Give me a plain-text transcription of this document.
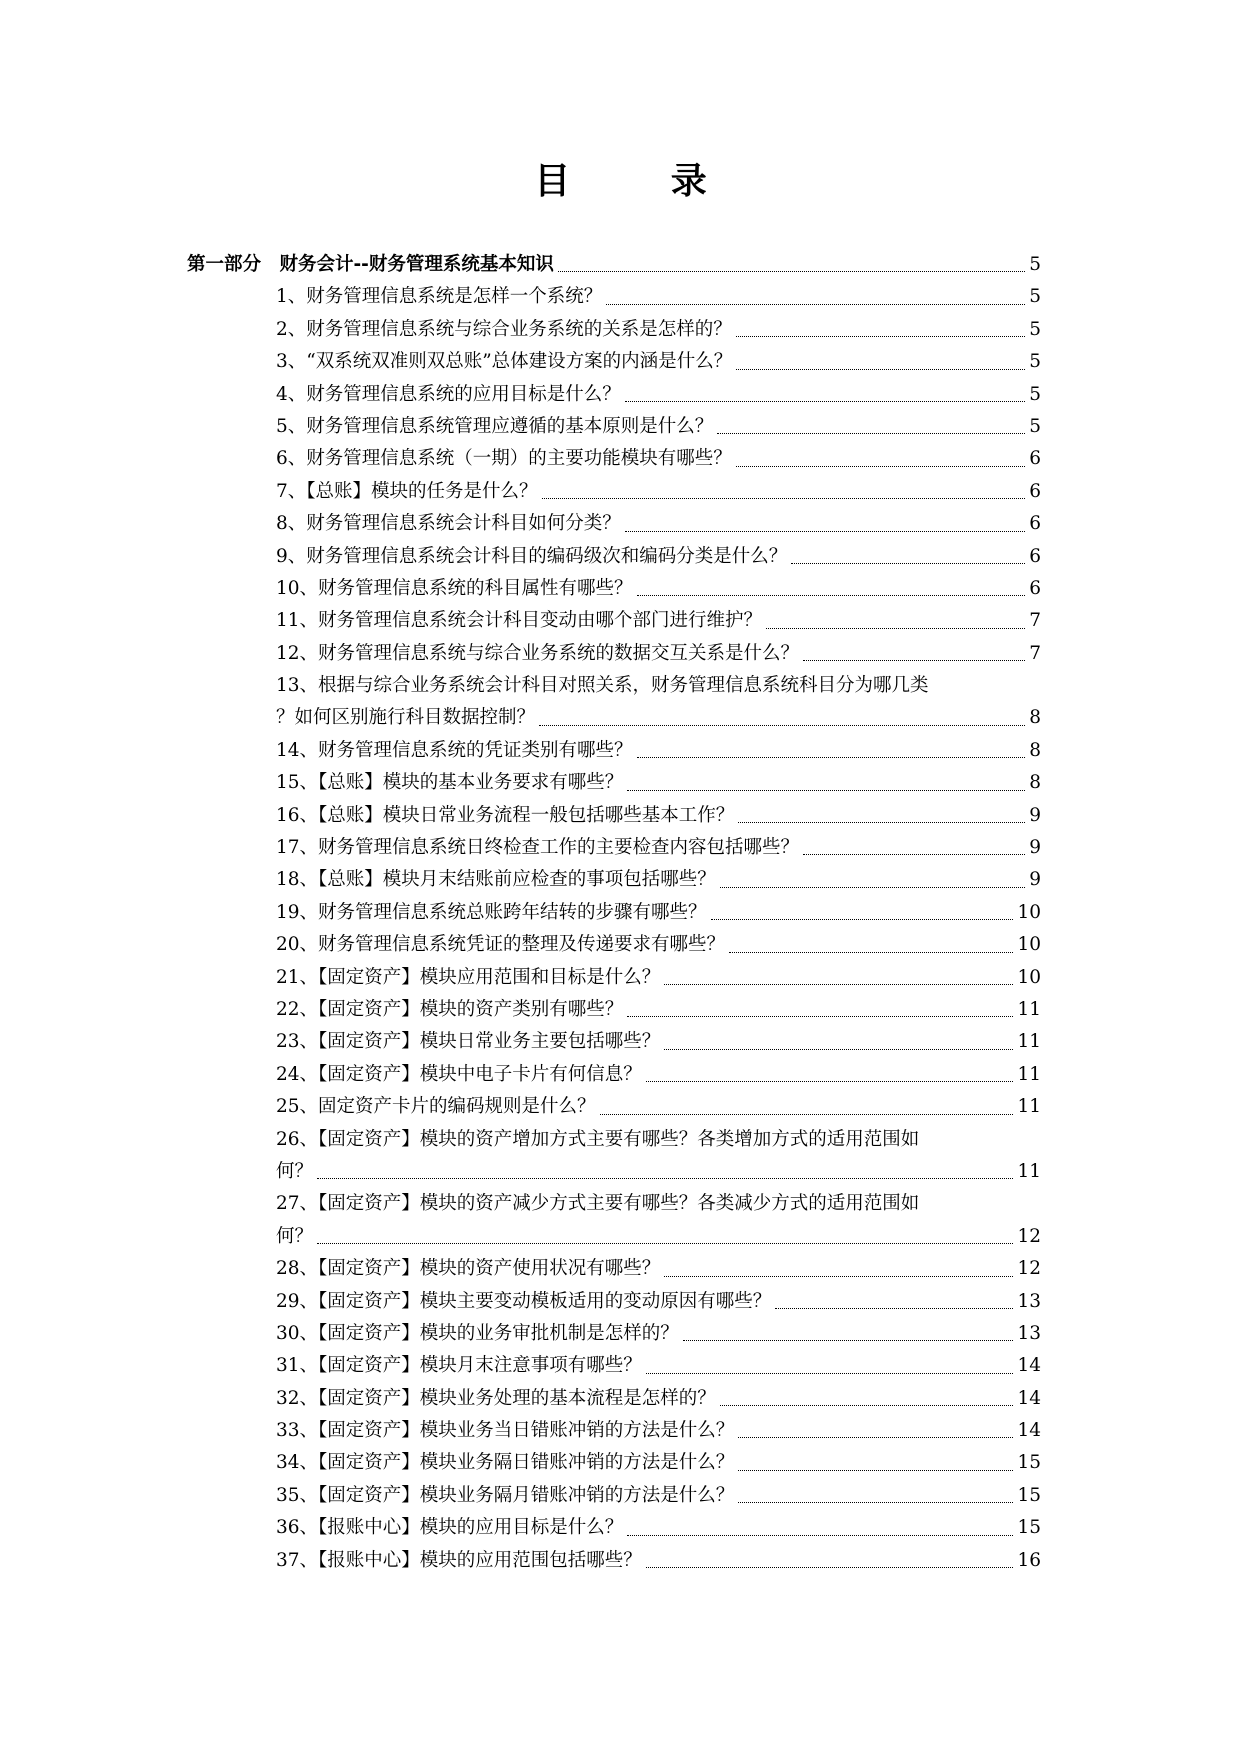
目 录
第一部分　财务会计--财务管理系统基本知识	5
1、财务管理信息系统是怎样一个系统？	5
2、财务管理信息系统与综合业务系统的关系是怎样的？	5
3、“双系统双准则双总账”总体建设方案的内涵是什么？	5
4、财务管理信息系统的应用目标是什么？	5
5、财务管理信息系统管理应遵循的基本原则是什么？	5
6、财务管理信息系统（一期）的主要功能模块有哪些？	6
7、【总账】模块的任务是什么？	6
8、财务管理信息系统会计科目如何分类？	6
9、财务管理信息系统会计科目的编码级次和编码分类是什么？	6
10、财务管理信息系统的科目属性有哪些？	6
11、财务管理信息系统会计科目变动由哪个部门进行维护？	7
12、财务管理信息系统与综合业务系统的数据交互关系是什么？	7
13、根据与综合业务系统会计科目对照关系，财务管理信息系统科目分为哪几类
？如何区别施行科目数据控制？	8
14、财务管理信息系统的凭证类别有哪些？	8
15、【总账】模块的基本业务要求有哪些？	8
16、【总账】模块日常业务流程一般包括哪些基本工作？	9
17、财务管理信息系统日终检查工作的主要检查内容包括哪些？	9
18、【总账】模块月末结账前应检查的事项包括哪些？	9
19、财务管理信息系统总账跨年结转的步骤有哪些？	10
20、财务管理信息系统凭证的整理及传递要求有哪些？	10
21、【固定资产】模块应用范围和目标是什么？	10
22、【固定资产】模块的资产类别有哪些？	11
23、【固定资产】模块日常业务主要包括哪些？	11
24、【固定资产】模块中电子卡片有何信息？	11
25、固定资产卡片的编码规则是什么？	11
26、【固定资产】模块的资产增加方式主要有哪些？各类增加方式的适用范围如
何？	11
27、【固定资产】模块的资产减少方式主要有哪些？各类减少方式的适用范围如
何？	12
28、【固定资产】模块的资产使用状况有哪些？	12
29、【固定资产】模块主要变动模板适用的变动原因有哪些？	13
30、【固定资产】模块的业务审批机制是怎样的？	13
31、【固定资产】模块月末注意事项有哪些？	14
32、【固定资产】模块业务处理的基本流程是怎样的？	14
33、【固定资产】模块业务当日错账冲销的方法是什么？	14
34、【固定资产】模块业务隔日错账冲销的方法是什么？	15
35、【固定资产】模块业务隔月错账冲销的方法是什么？	15
36、【报账中心】模块的应用目标是什么？	15
37、【报账中心】模块的应用范围包括哪些？	16
